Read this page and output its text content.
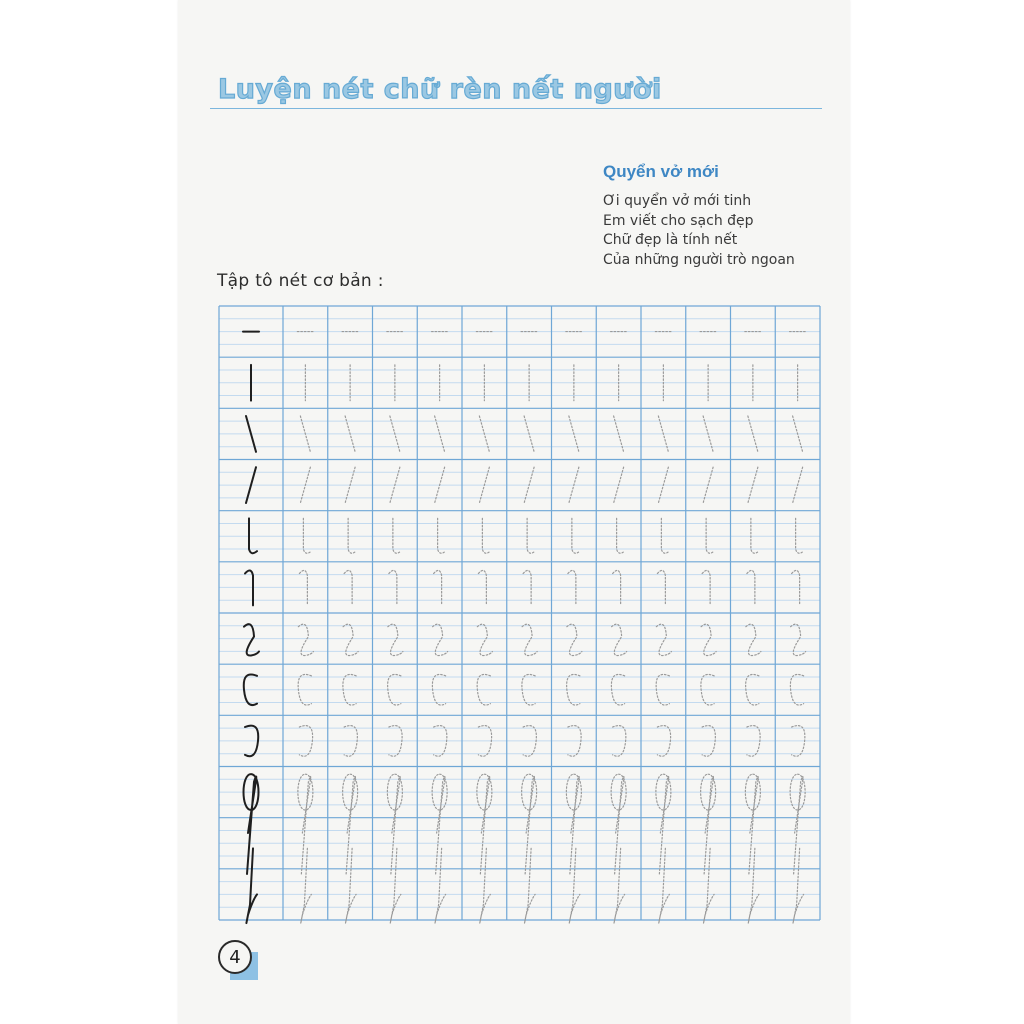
Luyện nét chữ rèn nết người
Quyển vở mới
Ơi quyển vở mới tinh
Em viết cho sạch đẹp
Chữ đẹp là tính nết
Của những người trò ngoan
Tập tô nét cơ bản :
4
